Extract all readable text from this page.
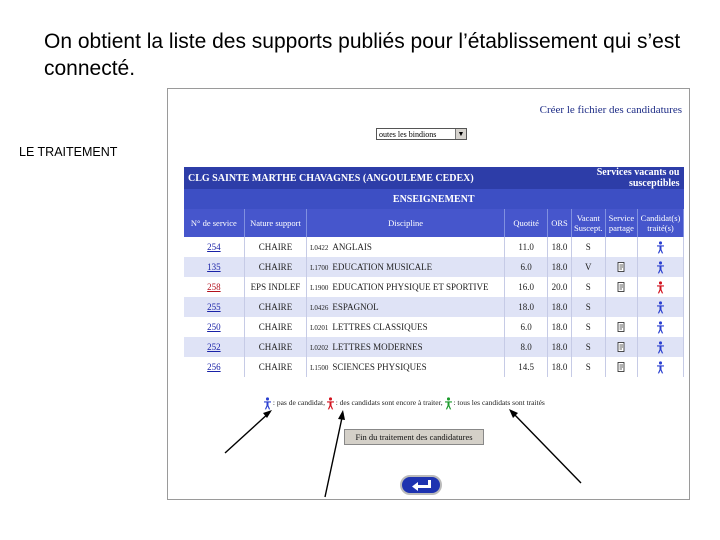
On obtient la liste des supports publiés pour l’établissement qui s’est connecté.
LE TRAITEMENT
Créer le fichier des candidatures
outes les bindions	▼
CLG SAINTE MARTHE CHAVAGNES (ANGOULEME CEDEX)					Services vacants ou susceptibles		
ENSEIGNEMENT							
N° de service	Nature support	Discipline	Quotité	ORS	Vacant Suscept.	Service partage	Candidat(s) traité(s)
254	CHAIRE	L0422 ANGLAIS	11.0	18.0	S		
135	CHAIRE	L1700 EDUCATION MUSICALE	6.0	18.0	V		
258	EPS INDLEF	L1900 EDUCATION PHYSIQUE ET SPORTIVE	16.0	20.0	S		
255	CHAIRE	L0426 ESPAGNOL	18.0	18.0	S		
250	CHAIRE	L0201 LETTRES CLASSIQUES	6.0	18.0	S		
252	CHAIRE	L0202 LETTRES MODERNES	8.0	18.0	S		
256	CHAIRE	L1500 SCIENCES PHYSIQUES	14.5	18.0	S		
: pas de candidat, : des candidats sont encore à traiter, : tous les candidats sont traités
Fin du traitement des candidatures
